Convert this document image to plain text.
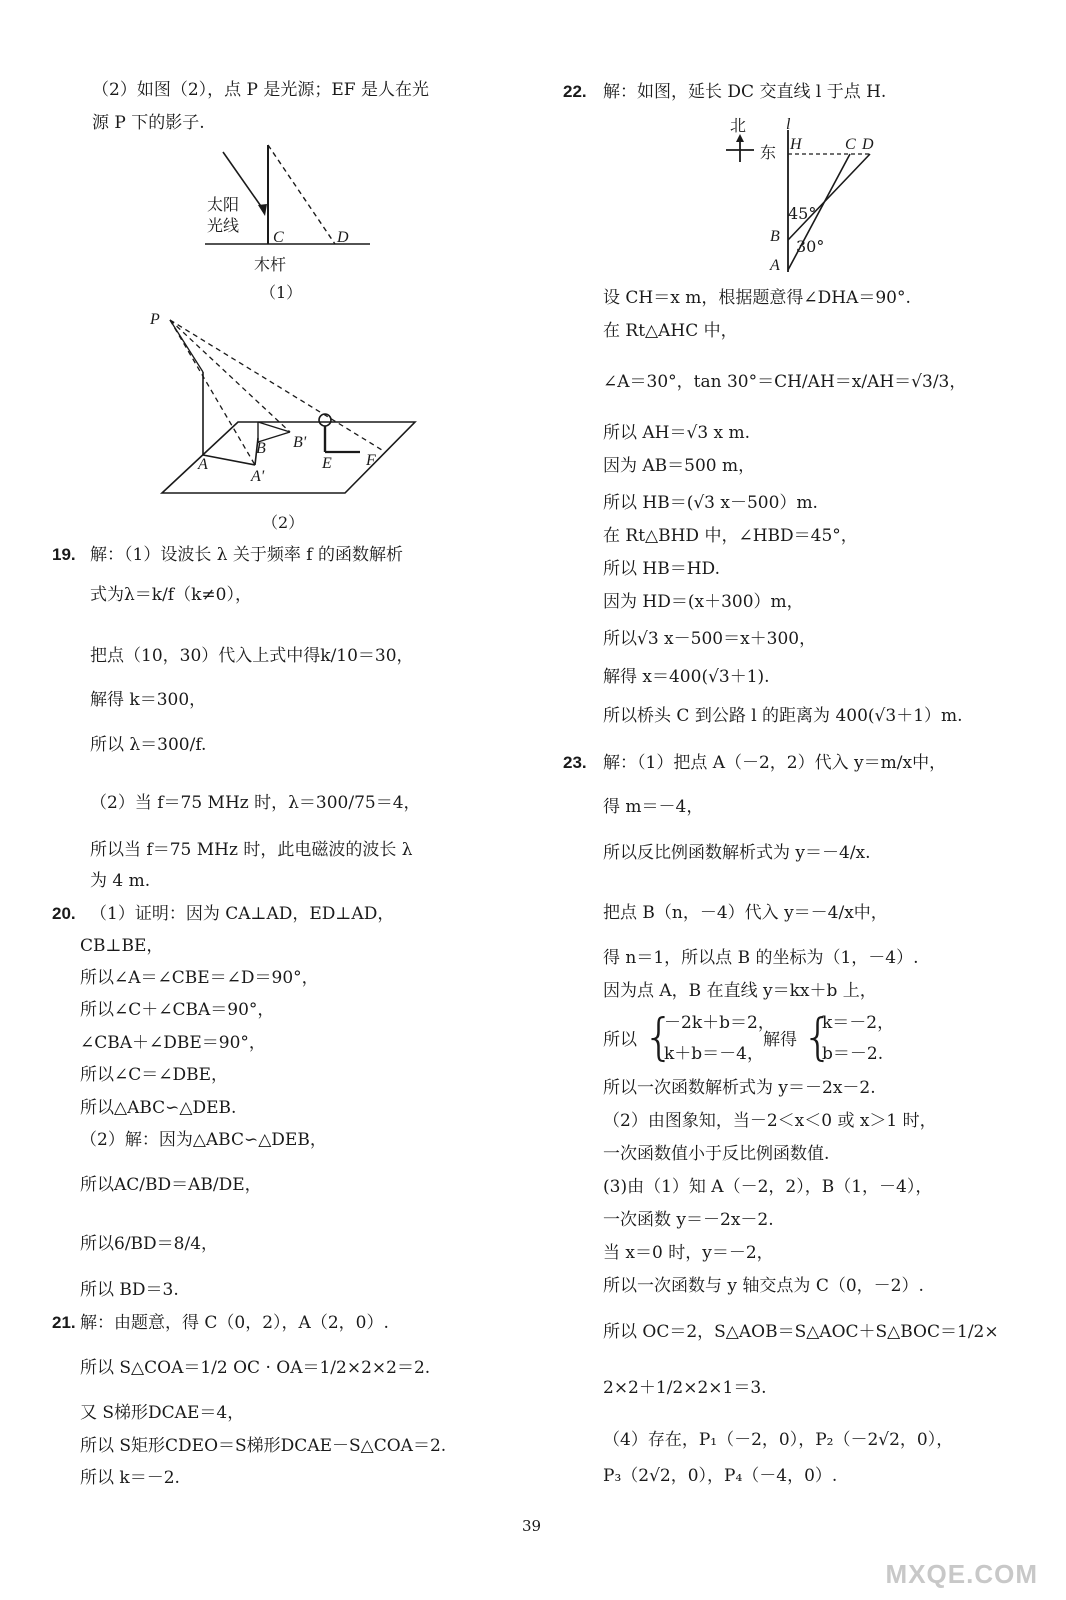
（2）如图（2），点 P 是光源；EF 是人在光
源 P 下的影子.
太阳
光线
C	D
木杆
（1）
P
A
B B'
A'
E F
（2）
19. 解：（1）设波长 λ 关于频率 f 的函数解析
式为λ＝k/f（k≠0），
把点（10，30）代入上式中得k/10＝30，
解得 k＝300，
所以 λ＝300/f.
（2）当 f＝75 MHz 时，λ＝300/75＝4，
所以当 f＝75 MHz 时，此电磁波的波长 λ
为 4 m.
20. （1）证明：因为 CA⊥AD，ED⊥AD，
CB⊥BE，
所以∠A＝∠CBE＝∠D＝90°，
所以∠C＋∠CBA＝90°，
∠CBA＋∠DBE＝90°，
所以∠C＝∠DBE，
所以△ABC∽△DEB.
（2）解：因为△ABC∽△DEB，
所以AC/BD＝AB/DE，
所以6/BD＝8/4，
所以 BD＝3.
21. 解：由题意，得 C（0，2），A（2，0）.
所以 S△COA＝1/2 OC · OA＝1/2×2×2＝2.
又 S梯形DCAE＝4，
所以 S矩形CDEO＝S梯形DCAE－S△COA＝2.
所以 k＝－2.
22. 解：如图，延长 DC 交直线 l 于点 H.
北
东
l
H	C D
45°
30°
B
A
设 CH＝x m，根据题意得∠DHA＝90°.
在 Rt△AHC 中，
∠A＝30°，tan 30°＝CH/AH＝x/AH＝√3/3，
所以 AH＝√3 x m.
因为 AB＝500 m，
所以 HB＝(√3 x－500）m.
在 Rt△BHD 中，∠HBD＝45°，
所以 HB＝HD.
因为 HD＝(x＋300）m，
所以√3 x－500＝x＋300，
解得 x＝400(√3＋1).
所以桥头 C 到公路 l 的距离为 400(√3＋1）m.
23. 解：（1）把点 A（－2，2）代入 y＝m/x中，
得 m＝－4，
所以反比例函数解析式为 y＝－4/x.
把点 B（n，－4）代入 y＝－4/x中，
得 n＝1，所以点 B 的坐标为（1，－4）.
因为点 A，B 在直线 y＝kx＋b 上，
所以 {
－2k＋b＝2，
k＋b＝－4，
解得 {
k＝－2，
b＝－2.
所以一次函数解析式为 y＝－2x－2.
（2）由图象知，当－2＜x＜0 或 x＞1 时，
一次函数值小于反比例函数值.
(3)由（1）知 A（－2，2），B（1，－4），
一次函数 y＝－2x－2.
当 x＝0 时，y＝－2，
所以一次函数与 y 轴交点为 C（0，－2）.
所以 OC＝2，S△AOB＝S△AOC＋S△BOC＝1/2×
2×2＋1/2×2×1＝3.
（4）存在，P₁（－2，0），P₂（－2√2，0），
P₃（2√2，0），P₄（－4，0）.
39
MXQE.COM
